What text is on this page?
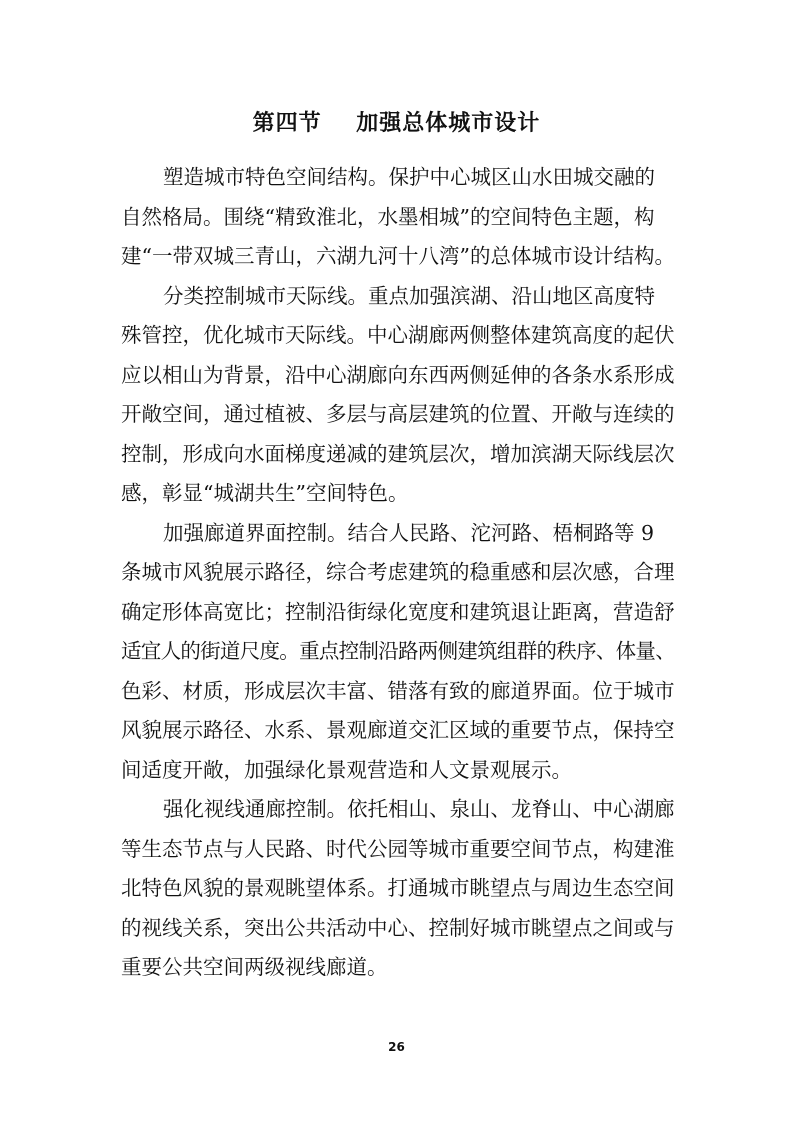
第四节    加强总体城市设计

塑造城市特色空间结构。保护中心城区山水田城交融的
自然格局。围绕“精致淮北，水墨相城”的空间特色主题，构
建“一带双城三青山，六湖九河十八湾”的总体城市设计结构。

分类控制城市天际线。重点加强滨湖、沿山地区高度特
殊管控，优化城市天际线。中心湖廊两侧整体建筑高度的起伏
应以相山为背景，沿中心湖廊向东西两侧延伸的各条水系形成
开敞空间，通过植被、多层与高层建筑的位置、开敞与连续的
控制，形成向水面梯度递减的建筑层次，增加滨湖天际线层次
感，彰显“城湖共生”空间特色。

加强廊道界面控制。结合人民路、沱河路、梧桐路等 9
条城市风貌展示路径，综合考虑建筑的稳重感和层次感，合理
确定形体高宽比；控制沿街绿化宽度和建筑退让距离，营造舒
适宜人的街道尺度。重点控制沿路两侧建筑组群的秩序、体量、
色彩、材质，形成层次丰富、错落有致的廊道界面。位于城市
风貌展示路径、水系、景观廊道交汇区域的重要节点，保持空
间适度开敞，加强绿化景观营造和人文景观展示。

强化视线通廊控制。依托相山、泉山、龙脊山、中心湖廊
等生态节点与人民路、时代公园等城市重要空间节点，构建淮
北特色风貌的景观眺望体系。打通城市眺望点与周边生态空间
的视线关系，突出公共活动中心、控制好城市眺望点之间或与
重要公共空间两级视线廊道。

26
